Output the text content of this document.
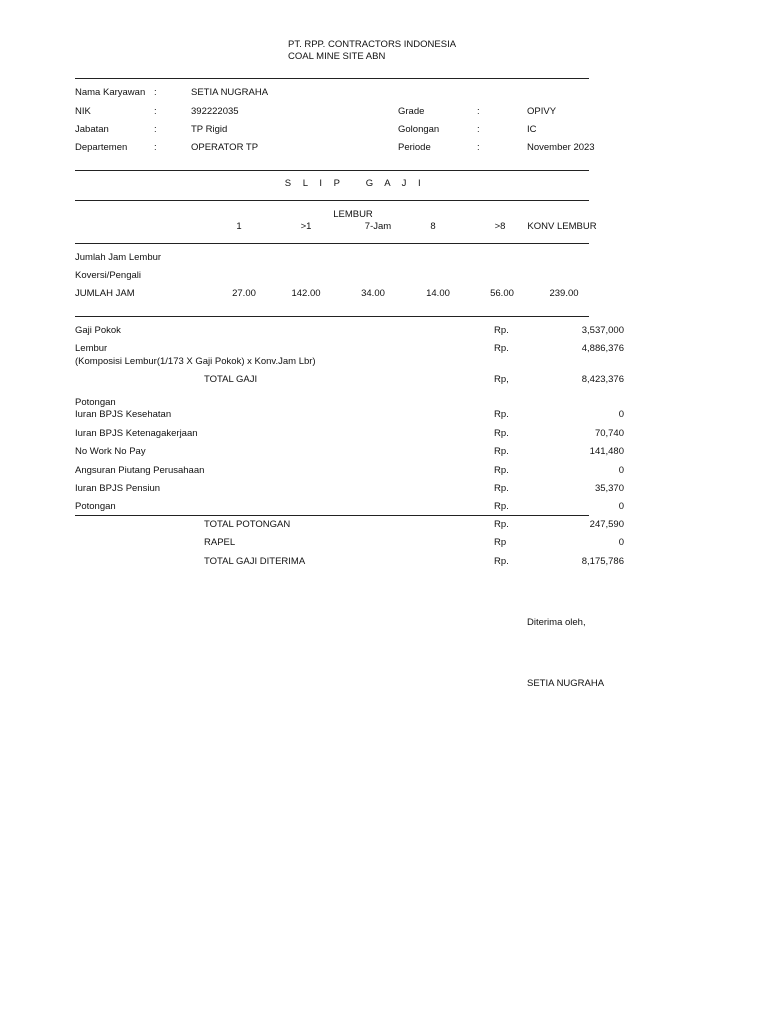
PT. RPP. CONTRACTORS INDONESIA
COAL MINE SITE ABN
Nama Karyawan :	SETIA NUGRAHA
NIK	:	392222035	Grade	:	OPIVY
Jabatan	:	TP Rigid	Golongan	:	IC
Departemen	:	OPERATOR TP	Periode	:	November 2023
S L I P   G A J I
LEMBUR
1	>1	7-Jam	8	>8	KONV LEMBUR
Jumlah Jam Lembur
Koversi/Pengali
JUMLAH JAM	27.00	142.00	34.00	14.00	56.00	239.00
Gaji Pokok	Rp.	3,537,000
Lembur
(Komposisi Lembur(1/173 X Gaji Pokok) x Konv.Jam Lbr)
Rp.	4,886,376
TOTAL GAJI	Rp,	8,423,376
Potongan
Iuran BPJS Kesehatan	Rp.	0
Iuran BPJS Ketenagakerjaan	Rp.	70,740
No Work No Pay	Rp.	141,480
Angsuran Piutang Perusahaan	Rp.	0
Iuran BPJS Pensiun	Rp.	35,370
Potongan	Rp.	0
TOTAL POTONGAN	Rp.	247,590
RAPEL	Rp	0
TOTAL GAJI DITERIMA	Rp.	8,175,786
Diterima oleh,
SETIA NUGRAHA
